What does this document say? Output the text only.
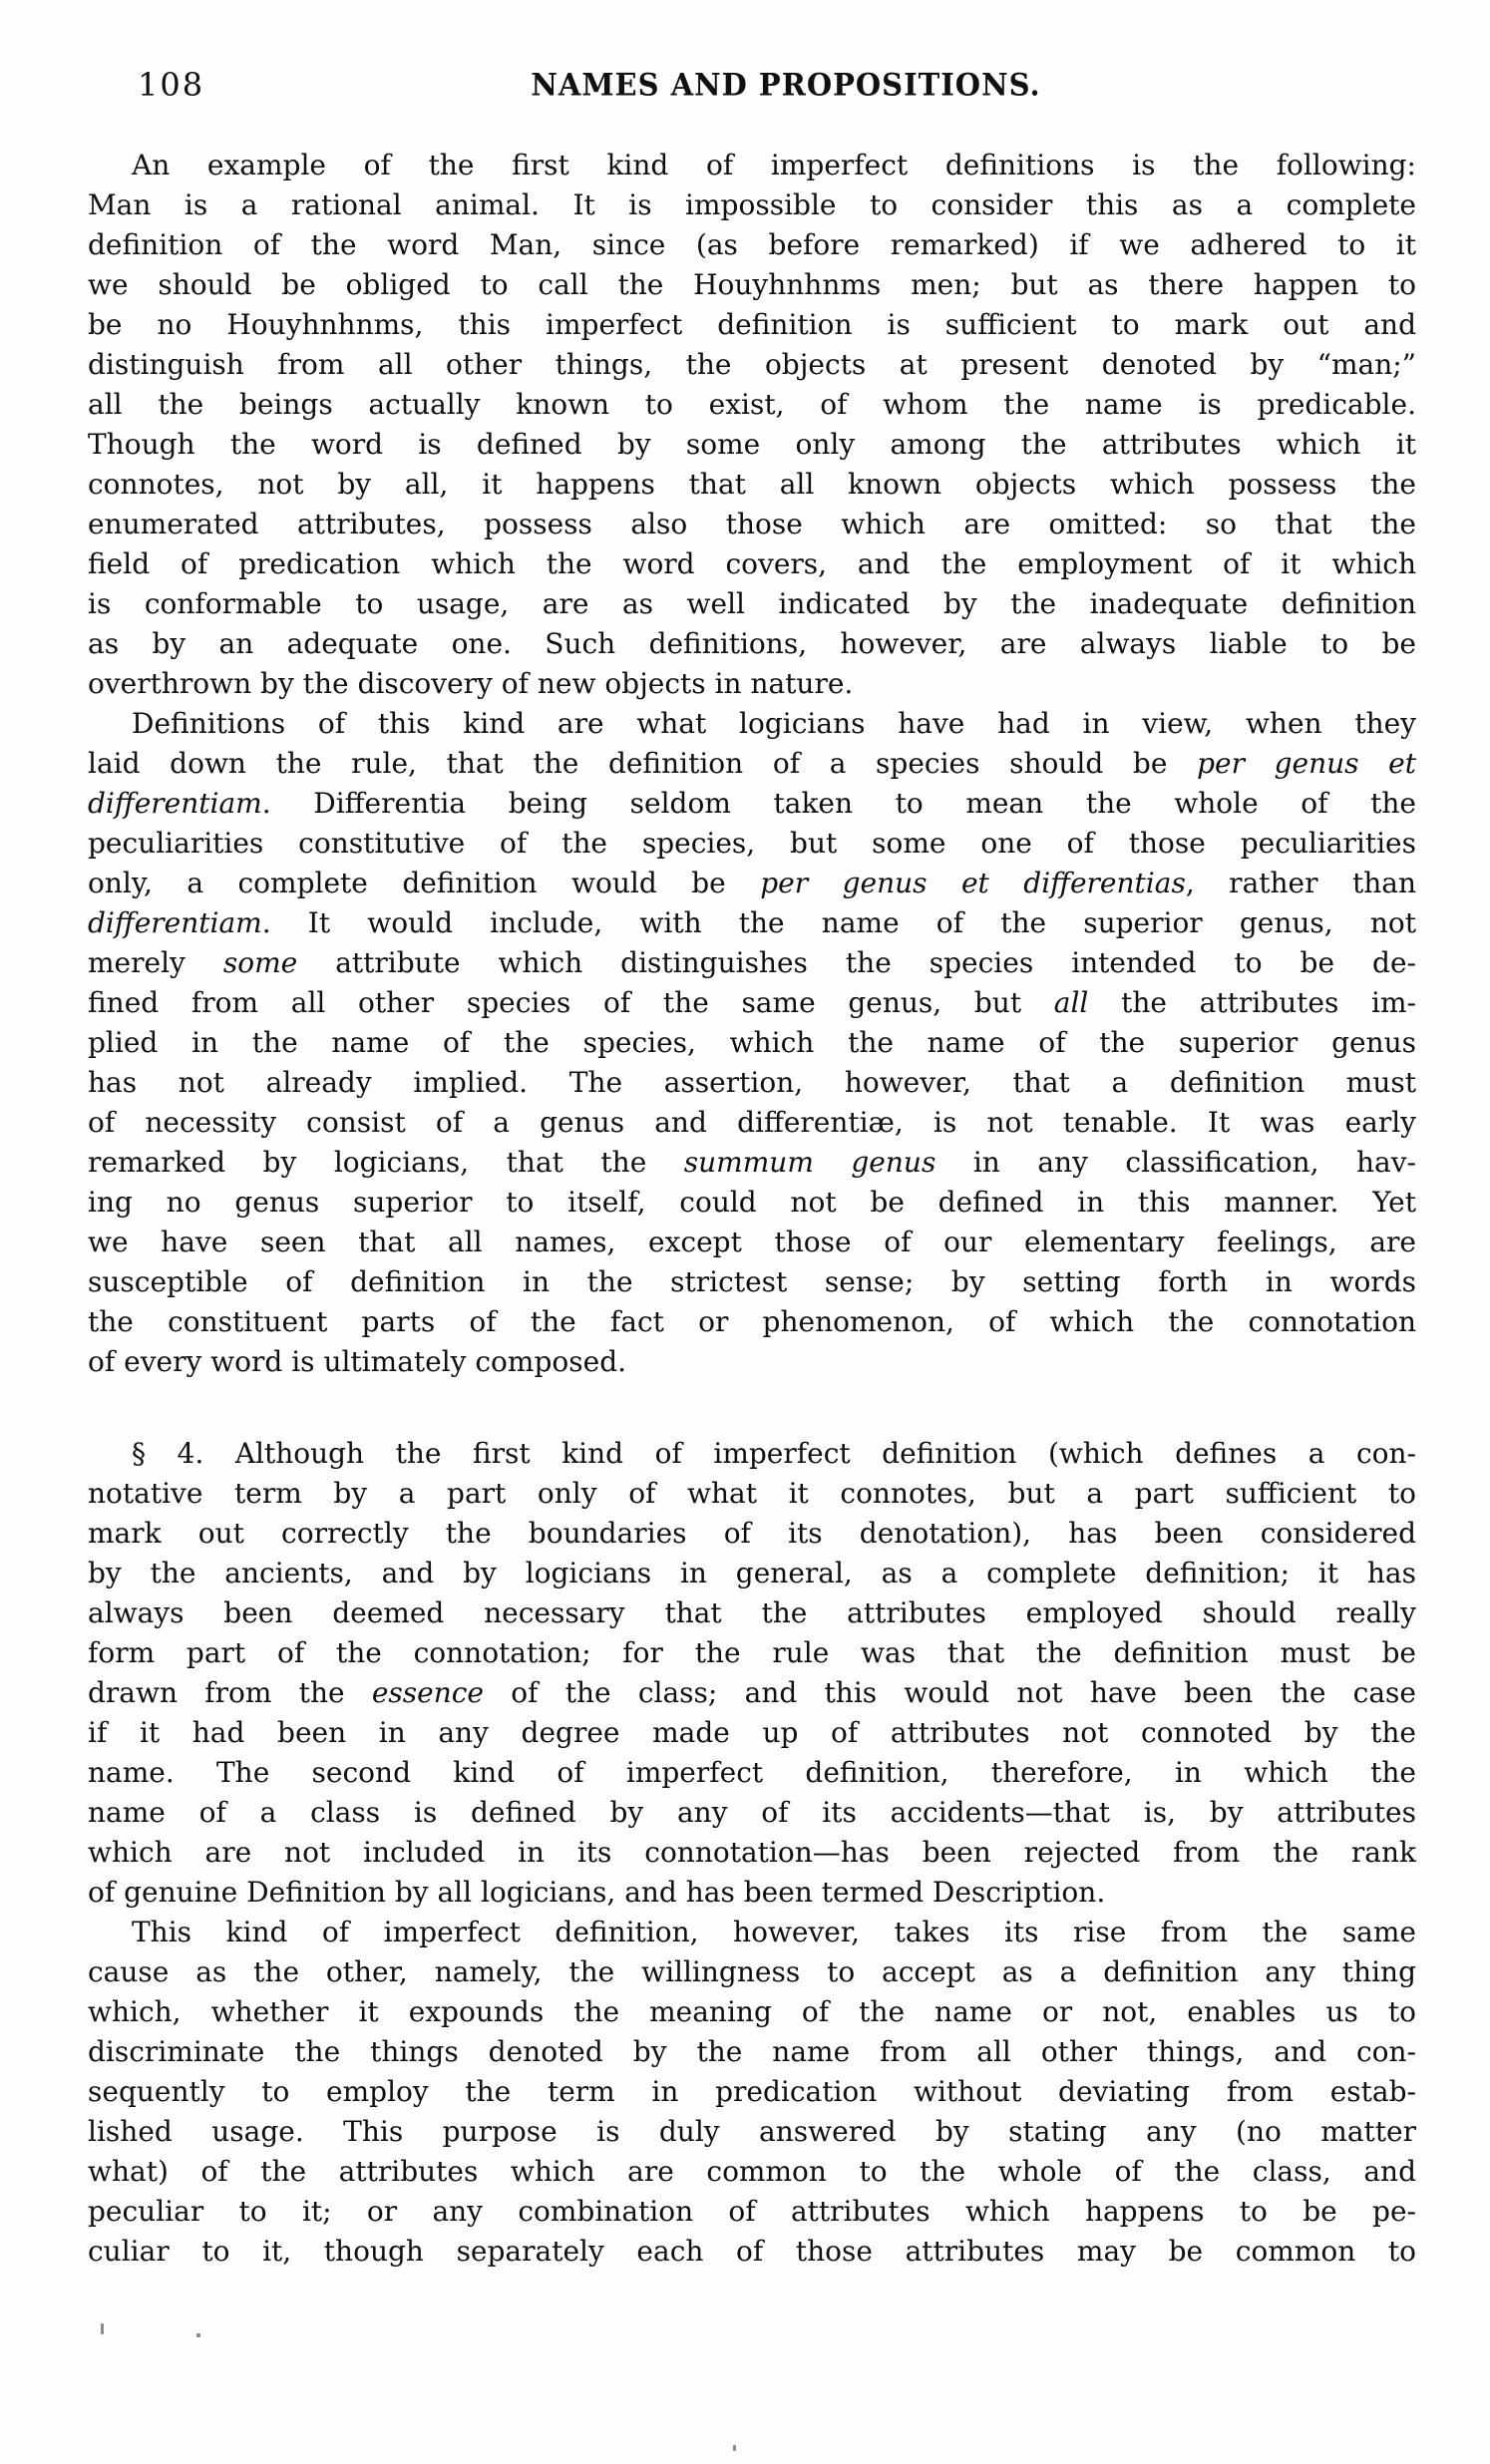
108	NAMES AND PROPOSITIONS.
An example of the first kind of imperfect definitions is the following:
Man is a rational animal. It is impossible to consider this as a complete
definition of the word Man, since (as before remarked) if we adhered to it
we should be obliged to call the Houyhnhnms men; but as there happen to
be no Houyhnhnms, this imperfect definition is sufficient to mark out and
distinguish from all other things, the objects at present denoted by “man;”
all the beings actually known to exist, of whom the name is predicable.
Though the word is defined by some only among the attributes which it
connotes, not by all, it happens that all known objects which possess the
enumerated attributes, possess also those which are omitted: so that the
field of predication which the word covers, and the employment of it which
is conformable to usage, are as well indicated by the inadequate definition
as by an adequate one. Such definitions, however, are always liable to be
overthrown by the discovery of new objects in nature.
Definitions of this kind are what logicians have had in view, when they
laid down the rule, that the definition of a species should be per genus et
differentiam. Differentia being seldom taken to mean the whole of the
peculiarities constitutive of the species, but some one of those peculiarities
only, a complete definition would be per genus et differentias, rather than
differentiam. It would include, with the name of the superior genus, not
merely some attribute which distinguishes the species intended to be de-
fined from all other species of the same genus, but all the attributes im-
plied in the name of the species, which the name of the superior genus
has not already implied. The assertion, however, that a definition must
of necessity consist of a genus and differentiæ, is not tenable. It was early
remarked by logicians, that the summum genus in any classification, hav-
ing no genus superior to itself, could not be defined in this manner. Yet
we have seen that all names, except those of our elementary feelings, are
susceptible of definition in the strictest sense; by setting forth in words
the constituent parts of the fact or phenomenon, of which the connotation
of every word is ultimately composed.
§ 4. Although the first kind of imperfect definition (which defines a con-
notative term by a part only of what it connotes, but a part sufficient to
mark out correctly the boundaries of its denotation), has been considered
by the ancients, and by logicians in general, as a complete definition; it has
always been deemed necessary that the attributes employed should really
form part of the connotation; for the rule was that the definition must be
drawn from the essence of the class; and this would not have been the case
if it had been in any degree made up of attributes not connoted by the
name. The second kind of imperfect definition, therefore, in which the
name of a class is defined by any of its accidents—that is, by attributes
which are not included in its connotation—has been rejected from the rank
of genuine Definition by all logicians, and has been termed Description.
This kind of imperfect definition, however, takes its rise from the same
cause as the other, namely, the willingness to accept as a definition any thing
which, whether it expounds the meaning of the name or not, enables us to
discriminate the things denoted by the name from all other things, and con-
sequently to employ the term in predication without deviating from estab-
lished usage. This purpose is duly answered by stating any (no matter
what) of the attributes which are common to the whole of the class, and
peculiar to it; or any combination of attributes which happens to be pe-
culiar to it, though separately each of those attributes may be common to
